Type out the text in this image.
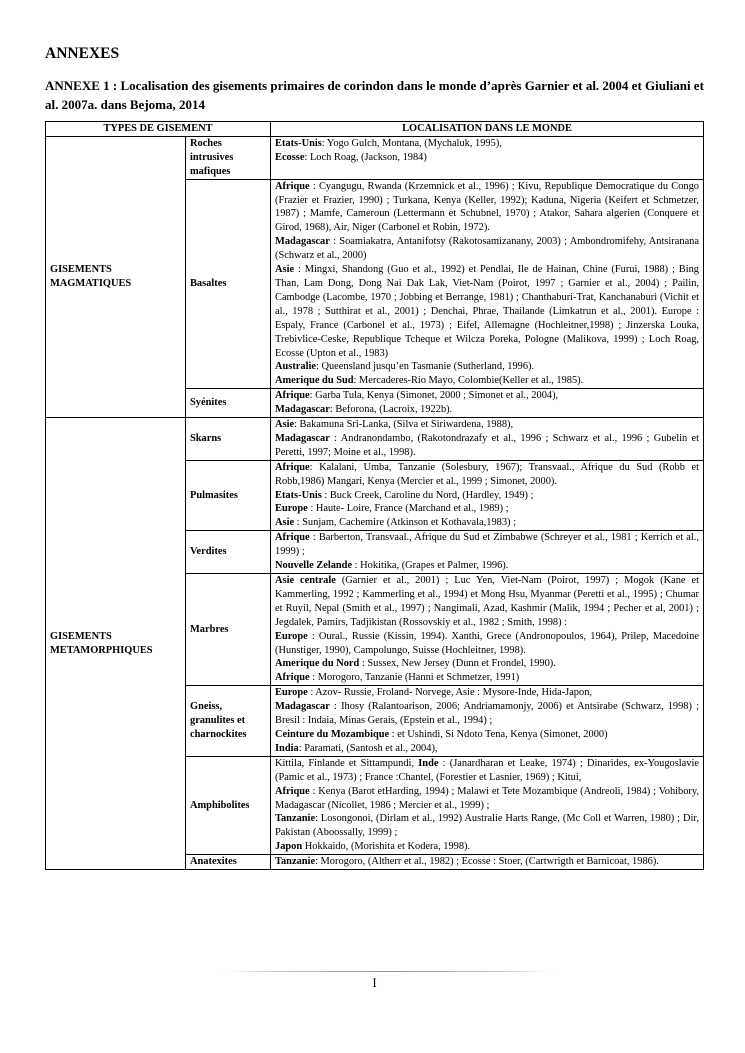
ANNEXES

ANNEXE 1 : Localisation des gisements primaires de corindon dans le monde d’après Garnier et al. 2004 et Giuliani et al. 2007a. dans Bejoma, 2014

TYPES DE GISEMENT		LOCALISATION DANS LE MONDE
GISEMENTS MAGMATIQUES	Roches intrusives mafiques	Etats-Unis: Yogo Gulch, Montana, (Mychaluk, 1995),
Ecosse: Loch Roag, (Jackson, 1984)

	Basaltes	Afrique : Cyangugu, Rwanda (Krzemnick et al., 1996) ; Kivu, Republique Democratique du Congo (Frazier et Frazier, 1990) ; Turkana, Kenya (Keller, 1992); Kaduna, Nigeria (Keifert et Schmetzer, 1987) ; Mamfe, Cameroun (Lettermann et Schubnel, 1970) ; Atakor, Sahara algerien (Conquere et Girod, 1968), Air, Niger (Carbonel et Robin, 1972).
Madagascar : Soamiakatra, Antanifotsy (Rakotosamizanany, 2003) ; Ambondromifehy, Antsiranana (Schwarz et al., 2000)
Asie : Mingxi, Shandong (Guo et al., 1992) et Pendlai, Ile de Hainan, Chine (Furui, 1988) ; Bing Than, Lam Dong, Dong Nai Dak Lak, Viet-Nam (Poirot, 1997 ; Garnier et al., 2004) ; Pailin, Cambodge (Lacombe, 1970 ; Jobbing et Berrange, 1981) ; Chanthaburi-Trat, Kanchanaburi (Vichit et al., 1978 ; Sutthirat et al., 2001) ; Denchai, Phrae, Thailande (Limkatrun et al., 2001). Europe : Espaly, France (Carbonel et al., 1973) ; Eifel, Allemagne (Hochleitner,1998) ; Jinzerska Louka, Trebivlice-Ceske, Republique Tcheque et Wilcza Poreka, Pologne (Malikova, 1999) ; Loch Roag, Ecosse (Upton et al., 1983)
Australie: Queensland jusqu’en Tasmanie (Sutherland, 1996).
Amerique du Sud: Mercaderes-Rio Mayo, Colombie(Keller et al., 1985).

	Syénites	Afrique: Garba Tula, Kenya (Simonet, 2000 ; Simonet et al., 2004),
Madagascar: Beforona, (Lacroix, 1922b).

GISEMENTS METAMORPHIQUES	Skarns	Asie: Bakamuna Sri-Lanka, (Silva et Siriwardena, 1988),
Madagascar : Andranondambo, (Rakotondrazafy et al., 1996 ; Schwarz et al., 1996 ; Gubelin et Peretti, 1997; Moine et al., 1998).

	Pulmasites	Afrique: Kalalani, Umba, Tanzanie (Solesbury, 1967); Transvaal., Afrique du Sud (Robb et Robb,1986) Mangari, Kenya (Mercier et al., 1999 ; Simonet, 2000).
Etats-Unis : Buck Creek, Caroline du Nord, (Hardley, 1949) ;
Europe : Haute- Loire, France (Marchand et al., 1989) ;
Asie : Sunjam, Cachemire (Atkinson et Kothavala,1983) ;

	Verdites	Afrique : Barberton, Transvaal., Afrique du Sud et Zimbabwe (Schreyer et al., 1981 ; Kerrich et al., 1999) ;
Nouvelle Zelande : Hokitika, (Grapes et Palmer, 1996).

	Marbres	Asie centrale (Garnier et al., 2001) ; Luc Yen, Viet-Nam (Poirot, 1997) ; Mogok (Kane et Kammerling, 1992 ; Kammerling et al., 1994) et Mong Hsu, Myanmar (Peretti et al., 1995) ; Chumar et Ruyil, Nepal (Smith et al., 1997) ; Nangimali, Azad, Kashmir (Malik, 1994 ; Pecher et al, 2001) ; Jegdalek, Pamirs, Tadjikistan (Rossovskiy et al., 1982 ; Smith, 1998) :
Europe : Oural., Russie (Kissin, 1994). Xanthi, Grece (Andronopoulos, 1964), Prilep, Macedoine (Hunstiger, 1990), Campolungo, Suisse (Hochleitner, 1998).
Amerique du Nord : Sussex, New Jersey (Dunn et Frondel, 1990).
Afrique : Morogoro, Tanzanie (Hanni et Schmetzer, 1991)

	Gneiss, granulites et charnockites	Europe : Azov- Russie, Froland- Norvege, Asie : Mysore-Inde, Hida-Japon,
Madagascar : Ihosy (Ralantoarison, 2006; Andriamamonjy, 2006) et Antsirabe (Schwarz, 1998) ; Bresil : Indaia, Minas Gerais, (Epstein et al., 1994) ;
Ceinture du Mozambique : et Ushindi, Si Ndoto Tena, Kenya (Simonet, 2000)
India: Paramati, (Santosh et al., 2004),

	Amphibolites	Kittila, Finlande et Sittampundi, Inde : (Janardharan et Leake, 1974) ; Dinarides, ex-Yougoslavie (Pamic et al., 1973) ; France :Chantel, (Forestier et Lasnier, 1969) ; Kitui,
Afrique : Kenya (Barot etHarding, 1994) ; Malawi et Tete Mozambique (Andreoli, 1984) ; Vohibory, Madagascar (Nicollet, 1986 ; Mercier et al., 1999) ;
Tanzanie: Losongonoi, (Dirlam et al., 1992) Australie Harts Range, (Mc Coll et Warren, 1980) ; Dir, Pakistan (Aboossally, 1999) ;
Japon Hokkaido, (Morishita et Kodera, 1998).

	Anatexites	Tanzanie: Morogoro, (Altherr et al., 1982) ; Ecosse : Stoer, (Cartwrigth et Barnicoat, 1986).
I
